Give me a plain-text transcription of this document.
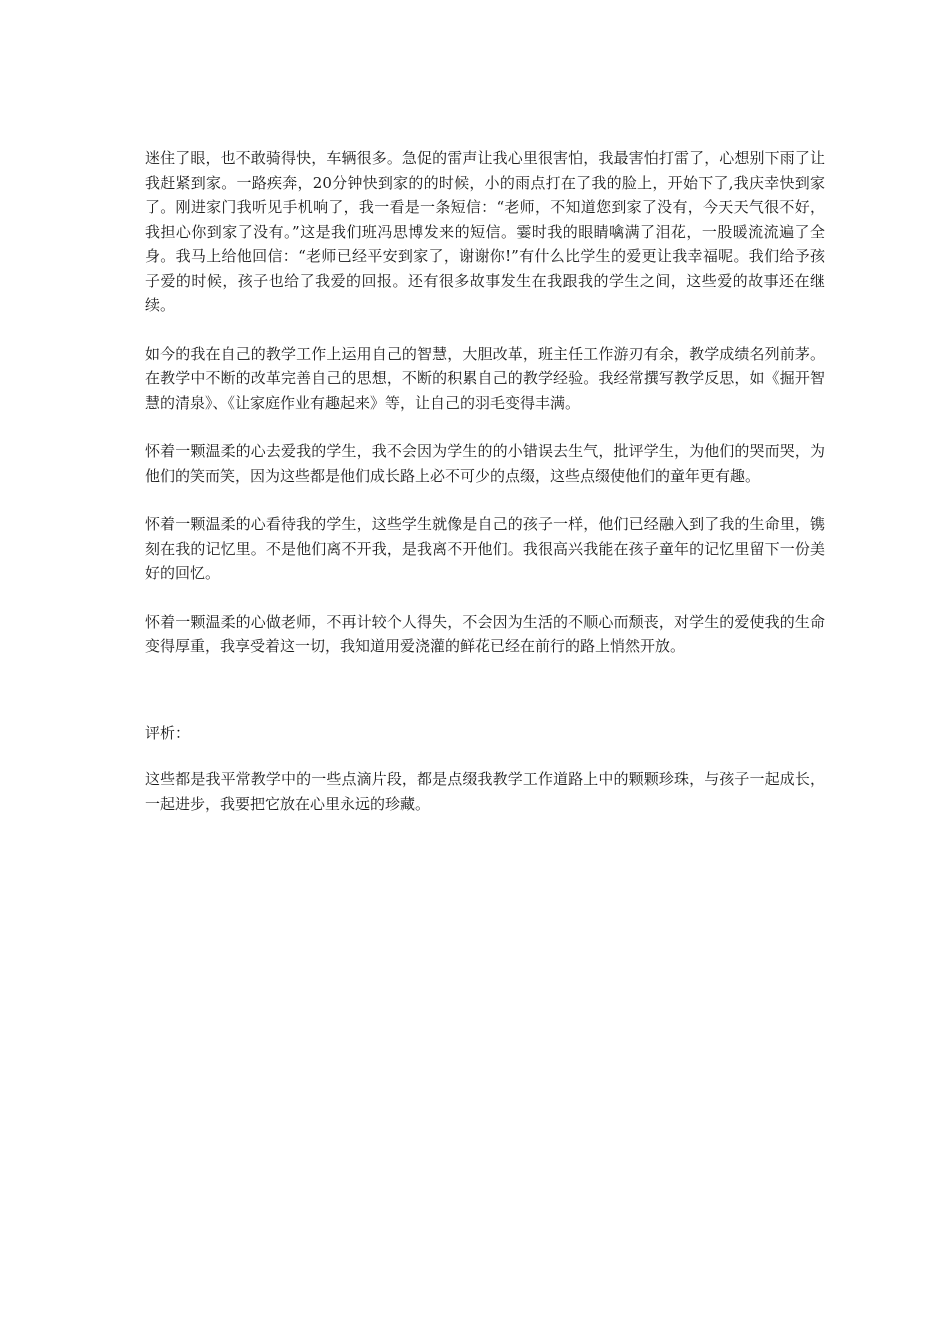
迷住了眼，也不敢骑得快，车辆很多。急促的雷声让我心里很害怕，我最害怕打雷了，心想别下雨了让我赶紧到家。一路疾奔，20分钟快到家的的时候，小的雨点打在了我的脸上，开始下了,我庆幸快到家了。刚进家门我听见手机响了，我一看是一条短信：“老师，不知道您到家了没有，今天天气很不好，我担心你到家了没有。”这是我们班冯思博发来的短信。霎时我的眼睛噙满了泪花，一股暖流流遍了全身。我马上给他回信：“老师已经平安到家了，谢谢你!”有什么比学生的爱更让我幸福呢。我们给予孩子爱的时候，孩子也给了我爱的回报。还有很多故事发生在我跟我的学生之间，这些爱的故事还在继续。

如今的我在自己的教学工作上运用自己的智慧，大胆改革，班主任工作游刃有余，教学成绩名列前茅。在教学中不断的改革完善自己的思想，不断的积累自己的教学经验。我经常撰写教学反思，如《掘开智慧的清泉》、《让家庭作业有趣起来》等，让自己的羽毛变得丰满。

怀着一颗温柔的心去爱我的学生，我不会因为学生的的小错误去生气，批评学生，为他们的哭而哭，为他们的笑而笑，因为这些都是他们成长路上必不可少的点缀，这些点缀使他们的童年更有趣。

怀着一颗温柔的心看待我的学生，这些学生就像是自己的孩子一样，他们已经融入到了我的生命里，镌刻在我的记忆里。不是他们离不开我，是我离不开他们。我很高兴我能在孩子童年的记忆里留下一份美好的回忆。

怀着一颗温柔的心做老师，不再计较个人得失，不会因为生活的不顺心而颓丧，对学生的爱使我的生命变得厚重，我享受着这一切，我知道用爱浇灌的鲜花已经在前行的路上悄然开放。

评析：

这些都是我平常教学中的一些点滴片段，都是点缀我教学工作道路上中的颗颗珍珠，与孩子一起成长，一起进步，我要把它放在心里永远的珍藏。
